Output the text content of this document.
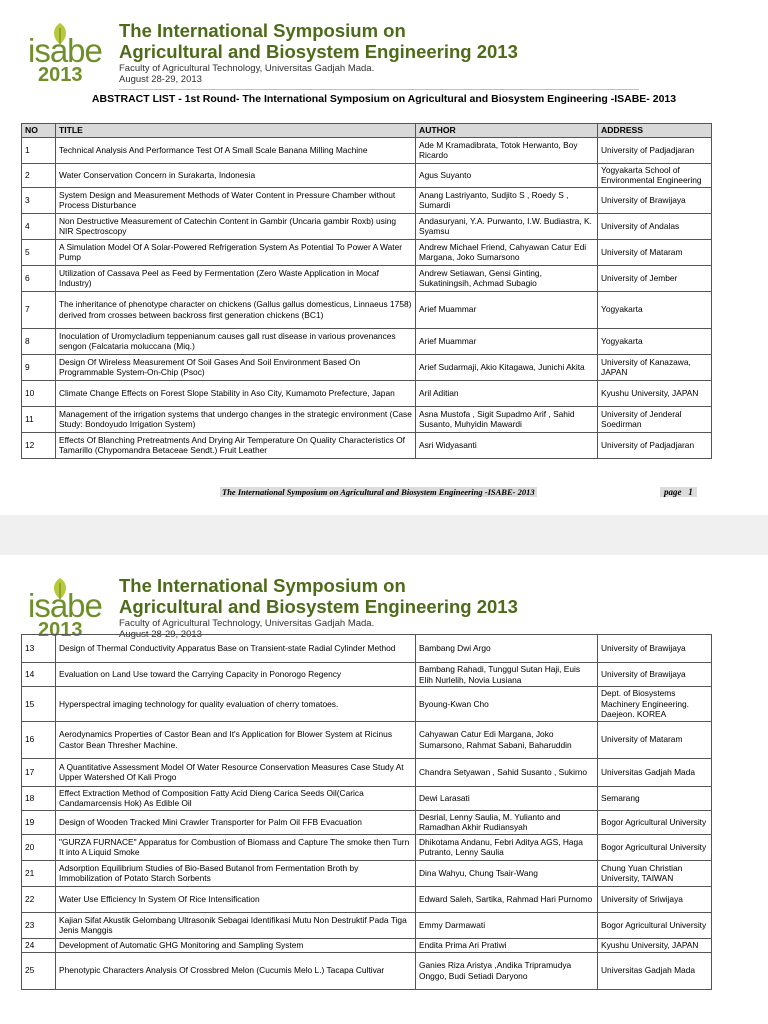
isabe
2013
The International Symposium on
Agricultural and Biosystem Engineering 2013
Faculty of Agricultural Technology, Universitas Gadjah Mada.
August 28-29, 2013
ABSTRACT LIST - 1st Round- The International Symposium on Agricultural and Biosystem Engineering -ISABE- 2013
NO	TITLE	AUTHOR	ADDRESS
1	Technical Analysis And Performance Test Of A Small Scale Banana Milling Machine	Ade M Kramadibrata, Totok Herwanto, Boy Ricardo	University of Padjadjaran
2	Water Conservation Concern in Surakarta, Indonesia	Agus Suyanto	Yogyakarta School of Environmental Engineering
3	System Design and Measurement Methods of Water Content in Pressure Chamber without Process Disturbance	Anang Lastriyanto, Sudjito S , Roedy S , Sumardi	University of Brawijaya
4	Non Destructive Measurement of Catechin Content in Gambir (Uncaria gambir Roxb) using NIR Spectroscopy	Andasuryani, Y.A. Purwanto, I.W. Budiastra, K. Syamsu	University of Andalas
5	A Simulation Model Of A Solar-Powered Refrigeration System As Potential To Power A Water Pump	Andrew Michael Friend, Cahyawan Catur Edi Margana, Joko Sumarsono	University of Mataram
6	Utilization of Cassava Peel as Feed by Fermentation (Zero Waste Application in Mocaf Industry)	Andrew Setiawan, Gensi Ginting, Sukatiningsih, Achmad Subagio	University of Jember
7	The inheritance of phenotype character on chickens (Gallus gallus domesticus, Linnaeus 1758) derived from crosses between backross first generation chickens (BC1)	Arief Muammar	Yogyakarta
8	Inoculation of Uromycladium teppenianum causes gall rust disease in various provenances sengon (Falcataria moluccana (Miq.)	Arief Muammar	Yogyakarta
9	Design Of Wireless Measurement Of Soil Gases And Soil Environment Based On Programmable System-On-Chip (Psoc)	Arief Sudarmaji, Akio Kitagawa, Junichi Akita	University of Kanazawa, JAPAN
10	Climate Change Effects on Forest Slope Stability in Aso City, Kumamoto Prefecture, Japan	Aril Aditian	Kyushu University, JAPAN
11	Management of the irrigation systems that undergo changes in the strategic environment (Case Study: Bondoyudo Irrigation System)	Asna Mustofa , Sigit Supadmo Arif , Sahid Susanto, Muhyidin Mawardi	University of Jenderal Soedirman
12	Effects Of Blanching Pretreatments And Drying Air Temperature On Quality Characteristics Of Tamarillo (Chypomandra Betaceae Sendt.) Fruit Leather	Asri Widyasanti	University of Padjadjaran
The International Symposium on Agricultural and Biosystem Engineering -ISABE- 2013	page 1
isabe
2013
The International Symposium on
Agricultural and Biosystem Engineering 2013
Faculty of Agricultural Technology, Universitas Gadjah Mada.
August 28-29, 2013
13	Design of Thermal Conductivity Apparatus Base on Transient-state Radial Cylinder Method	Bambang Dwi Argo	University of Brawijaya
14	Evaluation on Land Use toward the Carrying Capacity in Ponorogo Regency	Bambang Rahadi, Tunggul Sutan Haji, Euis Elih Nurlelih, Novia Lusiana	University of Brawijaya
15	Hyperspectral imaging technology for quality evaluation of cherry tomatoes.	Byoung-Kwan Cho	Dept. of Biosystems Machinery Engineering. Daejeon. KOREA
16	Aerodynamics Properties of Castor Bean and It's Application for Blower System at Ricinus Castor Bean Thresher Machine.	Cahyawan Catur Edi Margana, Joko Sumarsono, Rahmat Sabani, Baharuddin	University of Mataram
17	A Quantitative Assessment Model Of Water Resource Conservation Measures Case Study At Upper Watershed Of Kali Progo	Chandra Setyawan , Sahid Susanto , Sukirno	Universitas Gadjah Mada
18	Effect Extraction Method of Composition Fatty Acid Dieng Carica Seeds Oil(Carica Candamarcensis Hok) As Edible Oil	Dewi Larasati	Semarang
19	Design of Wooden Tracked Mini Crawler Transporter for Palm Oil FFB Evacuation	Desrial, Lenny Saulia, M. Yulianto and Ramadhan Akhir Rudiansyah	Bogor Agricultural University
20	"GURZA FURNACE" Apparatus for Combustion of Biomass and Capture The smoke then Turn It into A Liquid Smoke	Dhikotama Andanu, Febri Aditya AGS, Haga Putranto, Lenny Saulia	Bogor Agricultural University
21	Adsorption Equilibrium Studies of Bio-Based Butanol from Fermentation Broth by Immobilization of Potato Starch Sorbents	Dina Wahyu, Chung Tsair-Wang	Chung Yuan Christian University, TAIWAN
22	Water Use Efficiency In System Of Rice Intensification	Edward Saleh, Sartika, Rahmad Hari Purnomo	University of Sriwijaya
23	Kajian Sifat Akustik Gelombang Ultrasonik Sebagai Identifikasi Mutu Non Destruktif Pada Tiga Jenis Manggis	Emmy Darmawati	Bogor Agricultural University
24	Development of Automatic GHG Monitoring and Sampling System	Endita Prima Ari Pratiwi	Kyushu University, JAPAN
25	Phenotypic Characters Analysis Of Crossbred Melon (Cucumis Melo L.) Tacapa Cultivar	Ganies Riza Aristya ,Andika Tripramudya Onggo, Budi Setiadi Daryono	Universitas Gadjah Mada
